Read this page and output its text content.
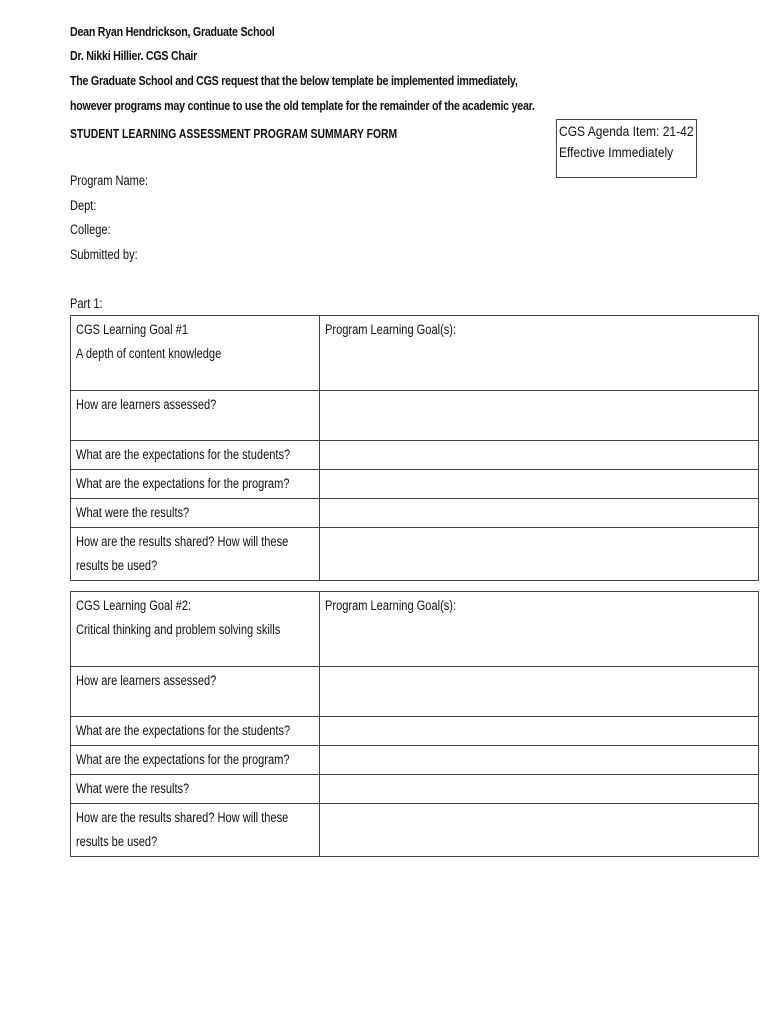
Dean Ryan Hendrickson, Graduate School
Dr. Nikki Hillier. CGS Chair
The Graduate School and CGS request that the below template be implemented immediately,
however programs may continue to use the old template for the remainder of the academic year.
STUDENT LEARNING ASSESSMENT PROGRAM SUMMARY FORM	CGS Agenda Item: 21-42
Effective Immediately
Program Name:
Dept:
College:
Submitted by:
Part 1:
CGS Learning Goal #1
A depth of content knowledge	Program Learning Goal(s):

How are learners assessed?	

What are the expectations for the students?	

What are the expectations for the program?	

What were the results?	

How are the results shared? How will these
results be used?	

CGS Learning Goal #2:
Critical thinking and problem solving skills	Program Learning Goal(s):

How are learners assessed?	

What are the expectations for the students?	

What are the expectations for the program?	

What were the results?	

How are the results shared? How will these
results be used?	
